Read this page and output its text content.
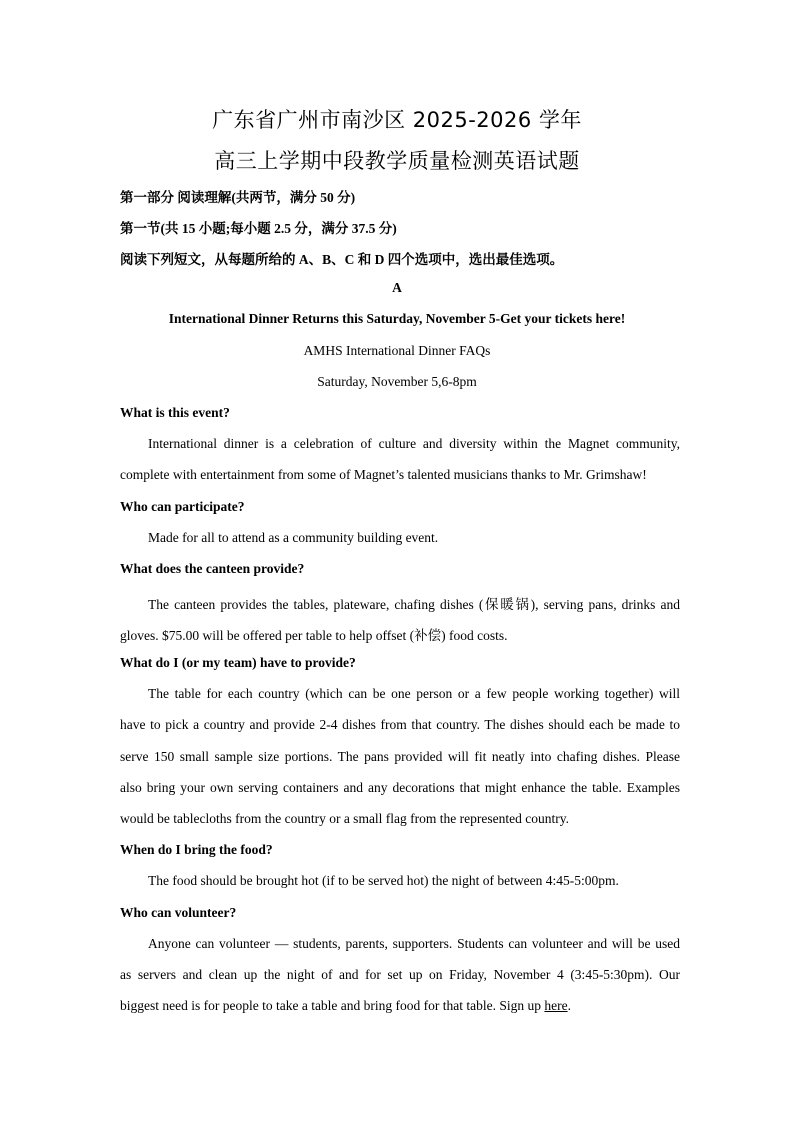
广东省广州市南沙区 2025-2026 学年
高三上学期中段教学质量检测英语试题
第一部分 阅读理解(共两节，满分 50 分)
第一节(共 15 小题;每小题 2.5 分，满分 37.5 分)
阅读下列短文，从每题所给的 A、B、C 和 D 四个选项中，选出最佳选项。
A
International Dinner Returns this Saturday, November 5-Get your tickets here!
AMHS International Dinner FAQs
Saturday, November 5,6-8pm
What is this event?
International dinner is a celebration of culture and diversity within the Magnet community,
complete with entertainment from some of Magnet’s talented musicians thanks to Mr. Grimshaw!
Who can participate?
Made for all to attend as a community building event.
What does the canteen provide?
The canteen provides the tables, plateware, chafing dishes (保暖锅), serving pans, drinks and
gloves. $75.00 will be offered per table to help offset (补偿) food costs.
What do I (or my team) have to provide?
The table for each country (which can be one person or a few people working together) will
have to pick a country and provide 2-4 dishes from that country. The dishes should each be made to
serve 150 small sample size portions. The pans provided will fit neatly into chafing dishes. Please
also bring your own serving containers and any decorations that might enhance the table. Examples
would be tablecloths from the country or a small flag from the represented country.
When do I bring the food?
The food should be brought hot (if to be served hot) the night of between 4:45-5:00pm.
Who can volunteer?
Anyone can volunteer — students, parents, supporters. Students can volunteer and will be used
as servers and clean up the night of and for set up on Friday, November 4 (3:45-5:30pm). Our
biggest need is for people to take a table and bring food for that table. Sign up here.
